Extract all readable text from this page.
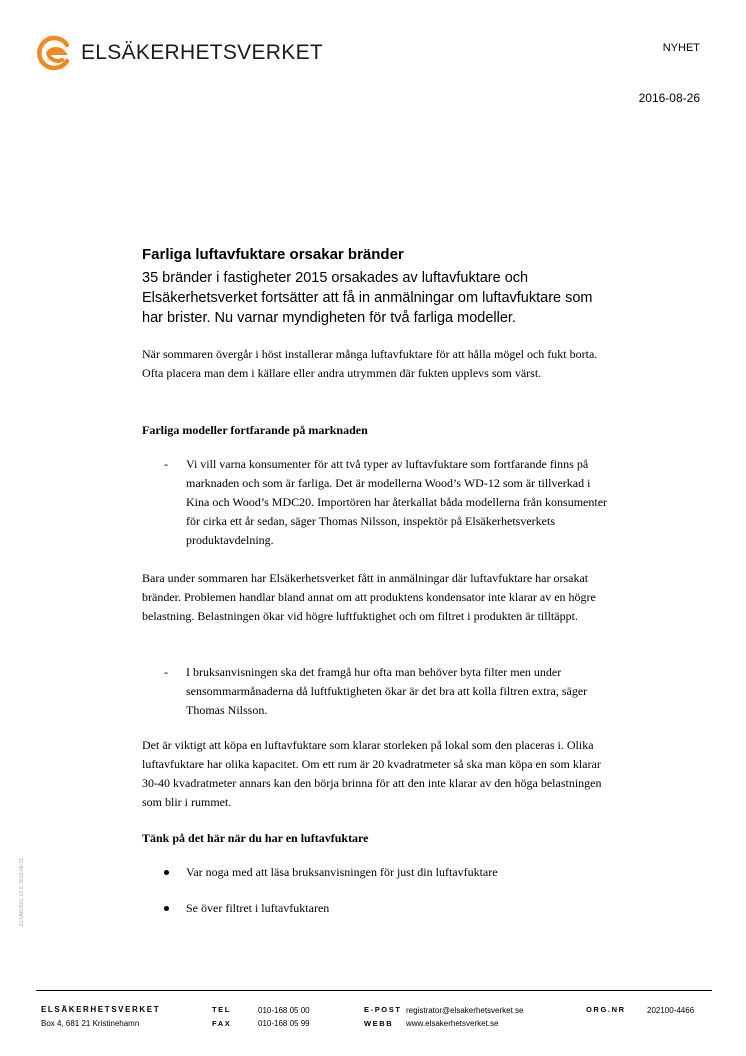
ELSÄKERHETSVERKET	NYHET
2016-08-26
Farliga luftavfuktare orsakar bränder
35 bränder i fastigheter 2015 orsakades av luftavfuktare och Elsäkerhetsverket fortsätter att få in anmälningar om luftavfuktare som har brister. Nu varnar myndigheten för två farliga modeller.
När sommaren övergår i höst installerar många luftavfuktare för att hålla mögel och fukt borta. Ofta placera man dem i källare eller andra utrymmen där fukten upplevs som värst.
Farliga modeller fortfarande på marknaden
- Vi vill varna konsumenter för att två typer av luftavfuktare som fortfarande finns på marknaden och som är farliga. Det är modellerna Wood’s WD-12 som är tillverkad i Kina och Wood’s MDC20. Importören har återkallat båda modellerna från konsumenter för cirka ett år sedan, säger Thomas Nilsson, inspektör på Elsäkerhetsverkets produktavdelning.
Bara under sommaren har Elsäkerhetsverket fått in anmälningar där luftavfuktare har orsakat bränder. Problemen handlar bland annat om att produktens kondensator inte klarar av en högre belastning. Belastningen ökar vid högre luftfuktighet och om filtret i produkten är tilltäppt.
- I bruksanvisningen ska det framgå hur ofta man behöver byta filter men under sensommarmånaderna då luftfuktigheten ökar är det bra att kolla filtren extra, säger Thomas Nilsson.
Det är viktigt att köpa en luftavfuktare som klarar storleken på lokal som den placeras i. Olika luftavfuktare har olika kapacitet. Om ett rum är 20 kvadratmeter så ska man köpa en som klarar 30-40 kvadratmeter annars kan den börja brinna för att den inte klarar av den höga belastningen som blir i rummet.
Tänk på det här när du har en luftavfuktare
Var noga med att läsa bruksanvisningen för just din luftavfuktare
Se över filtret i luftavfuktaren
ELSÄK2601, v2.0, 2016-08-23
ELSÄKERHETSVERKET
Box 4, 681 21 Kristinehamn
TEL	010-168 05 00
FAX	010-168 05 99
E-POST registrator@elsakerhetsverket.se
WEBB www.elsakerhetsverket.se
ORG.NR	202100-4466
